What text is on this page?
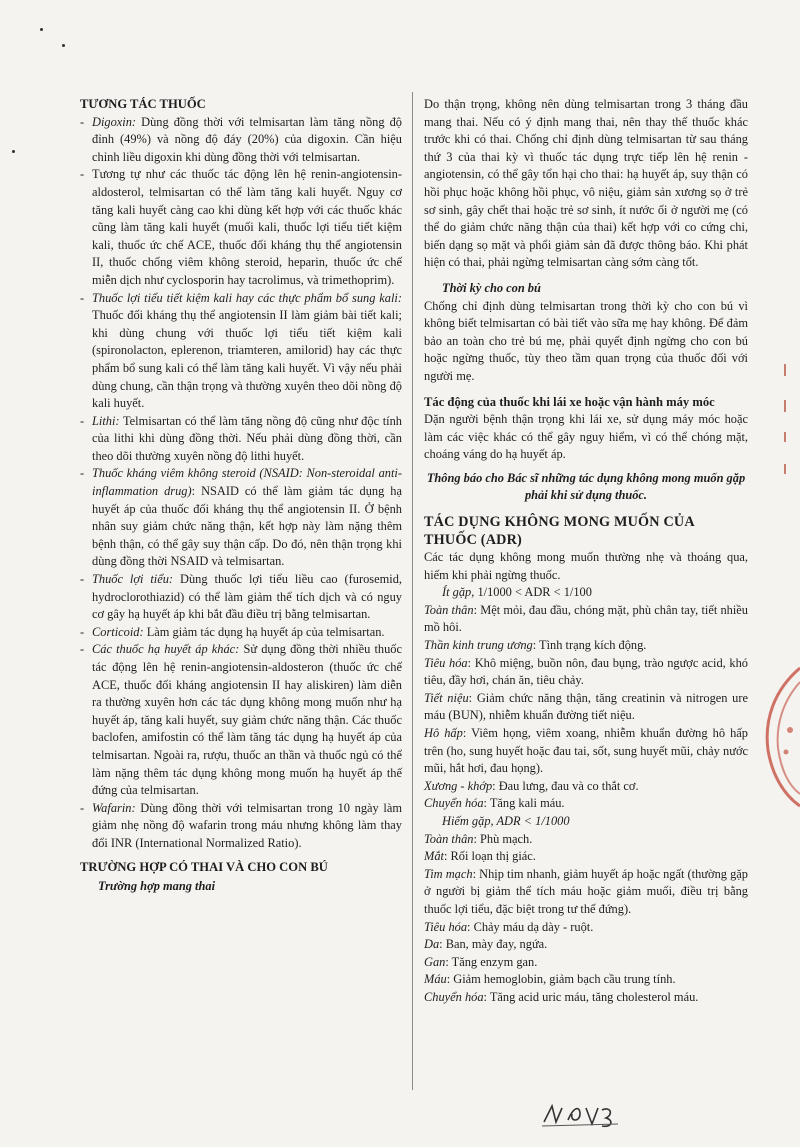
TƯƠNG TÁC THUỐC

- Digoxin: Dùng đồng thời với telmisartan làm tăng nồng độ đỉnh (49%) và nồng độ đáy (20%) của digoxin. Cần hiệu chỉnh liều digoxin khi dùng đồng thời với telmisartan.
- Tương tự như các thuốc tác động lên hệ renin-angiotensin-aldosterol, telmisartan có thể làm tăng kali huyết. Nguy cơ tăng kali huyết càng cao khi dùng kết hợp với các thuốc khác cũng làm tăng kali huyết (muối kali, thuốc lợi tiểu tiết kiệm kali, thuốc ức chế ACE, thuốc đối kháng thụ thể angiotensin II, thuốc chống viêm không steroid, heparin, thuốc ức chế miễn dịch như cyclosporin hay tacrolimus, và trimethoprim).
- Thuốc lợi tiểu tiết kiệm kali hay các thực phẩm bổ sung kali: Thuốc đối kháng thụ thể angiotensin II làm giảm bài tiết kali; khi dùng chung với thuốc lợi tiểu tiết kiệm kali (spironolacton, eplerenon, triamteren, amilorid) hay các thực phẩm bổ sung kali có thể làm tăng kali huyết. Vì vậy nếu phải dùng chung, cần thận trọng và thường xuyên theo dõi nồng độ kali huyết.
- Lithi: Telmisartan có thể làm tăng nồng độ cũng như độc tính của lithi khi dùng đồng thời. Nếu phải dùng đồng thời, cần theo dõi thường xuyên nồng độ lithi huyết.
- Thuốc kháng viêm không steroid (NSAID: Non-steroidal anti-inflammation drug): NSAID có thể làm giảm tác dụng hạ huyết áp của thuốc đối kháng thụ thể angiotensin II. Ở bệnh nhân suy giảm chức năng thận, kết hợp này làm nặng thêm bệnh thận, có thể gây suy thận cấp. Do đó, nên thận trọng khi dùng đồng thời NSAID và telmisartan.
- Thuốc lợi tiểu: Dùng thuốc lợi tiểu liều cao (furosemid, hydroclorothiazid) có thể làm giảm thể tích dịch và có nguy cơ gây hạ huyết áp khi bắt đầu điều trị bằng telmisartan.
- Corticoid: Làm giảm tác dụng hạ huyết áp của telmisartan.
- Các thuốc hạ huyết áp khác: Sử dụng đồng thời nhiều thuốc tác động lên hệ renin-angiotensin-aldosteron (thuốc ức chế ACE, thuốc đối kháng angiotensin II hay aliskiren) làm diễn ra thường xuyên hơn các tác dụng không mong muốn như hạ huyết áp, tăng kali huyết, suy giảm chức năng thận. Các thuốc baclofen, amifostin có thể làm tăng tác dụng hạ huyết áp của telmisartan. Ngoài ra, rượu, thuốc an thần và thuốc ngủ có thể làm nặng thêm tác dụng không mong muốn hạ huyết áp thế đứng của telmisartan.
- Wafarin: Dùng đồng thời với telmisartan trong 10 ngày làm giảm nhẹ nồng độ wafarin trong máu nhưng không làm thay đổi INR (International Normalized Ratio).

TRƯỜNG HỢP CÓ THAI VÀ CHO CON BÚ

Trường hợp mang thai

Do thận trọng, không nên dùng telmisartan trong 3 tháng đầu mang thai. Nếu có ý định mang thai, nên thay thế thuốc khác trước khi có thai. Chống chỉ định dùng telmisartan từ sau tháng thứ 3 của thai kỳ vì thuốc tác dụng trực tiếp lên hệ renin - angiotensin, có thể gây tổn hại cho thai: hạ huyết áp, suy thận có hồi phục hoặc không hồi phục, vô niệu, giảm sản xương sọ ở trẻ sơ sinh, gây chết thai hoặc trẻ sơ sinh, ít nước ối ở người mẹ (có thể do giảm chức năng thận của thai) kết hợp với co cứng chi, biến dạng sọ mặt và phổi giảm sản đã được thông báo. Khi phát hiện có thai, phải ngừng telmisartan càng sớm càng tốt.

Thời kỳ cho con bú

Chống chỉ định dùng telmisartan trong thời kỳ cho con bú vì không biết telmisartan có bài tiết vào sữa mẹ hay không. Để đảm bảo an toàn cho trẻ bú mẹ, phải quyết định ngừng cho con bú hoặc ngừng thuốc, tùy theo tầm quan trọng của thuốc đối với người mẹ.

Tác động của thuốc khi lái xe hoặc vận hành máy móc

Dặn người bệnh thận trọng khi lái xe, sử dụng máy móc hoặc làm các việc khác có thể gây nguy hiểm, vì có thể chóng mặt, choáng váng do hạ huyết áp.

Thông báo cho Bác sĩ những tác dụng không mong muốn gặp phải khi sử dụng thuốc.

TÁC DỤNG KHÔNG MONG MUỐN CỦA THUỐC (ADR)

Các tác dụng không mong muốn thường nhẹ và thoáng qua, hiếm khi phải ngừng thuốc.

Ít gặp, 1/1000 < ADR < 1/100

Toàn thân: Mệt mỏi, đau đầu, chóng mặt, phù chân tay, tiết nhiều mồ hôi.

Thần kinh trung ương: Tình trạng kích động.

Tiêu hóa: Khô miệng, buồn nôn, đau bụng, trào ngược acid, khó tiêu, đầy hơi, chán ăn, tiêu chảy.

Tiết niệu: Giảm chức năng thận, tăng creatinin và nitrogen ure máu (BUN), nhiễm khuẩn đường tiết niệu.

Hô hấp: Viêm họng, viêm xoang, nhiễm khuẩn đường hô hấp trên (ho, sung huyết hoặc đau tai, sốt, sung huyết mũi, chảy nước mũi, hắt hơi, đau họng).

Xương - khớp: Đau lưng, đau và co thắt cơ.

Chuyển hóa: Tăng kali máu.

Hiếm gặp, ADR < 1/1000

Toàn thân: Phù mạch.

Mắt: Rối loạn thị giác.

Tim mạch: Nhịp tim nhanh, giảm huyết áp hoặc ngất (thường gặp ở người bị giảm thể tích máu hoặc giảm muối, điều trị bằng thuốc lợi tiểu, đặc biệt trong tư thế đứng).

Tiêu hóa: Chảy máu dạ dày - ruột.

Da: Ban, mày đay, ngứa.

Gan: Tăng enzym gan.

Máu: Giảm hemoglobin, giảm bạch cầu trung tính.

Chuyển hóa: Tăng acid uric máu, tăng cholesterol máu.
